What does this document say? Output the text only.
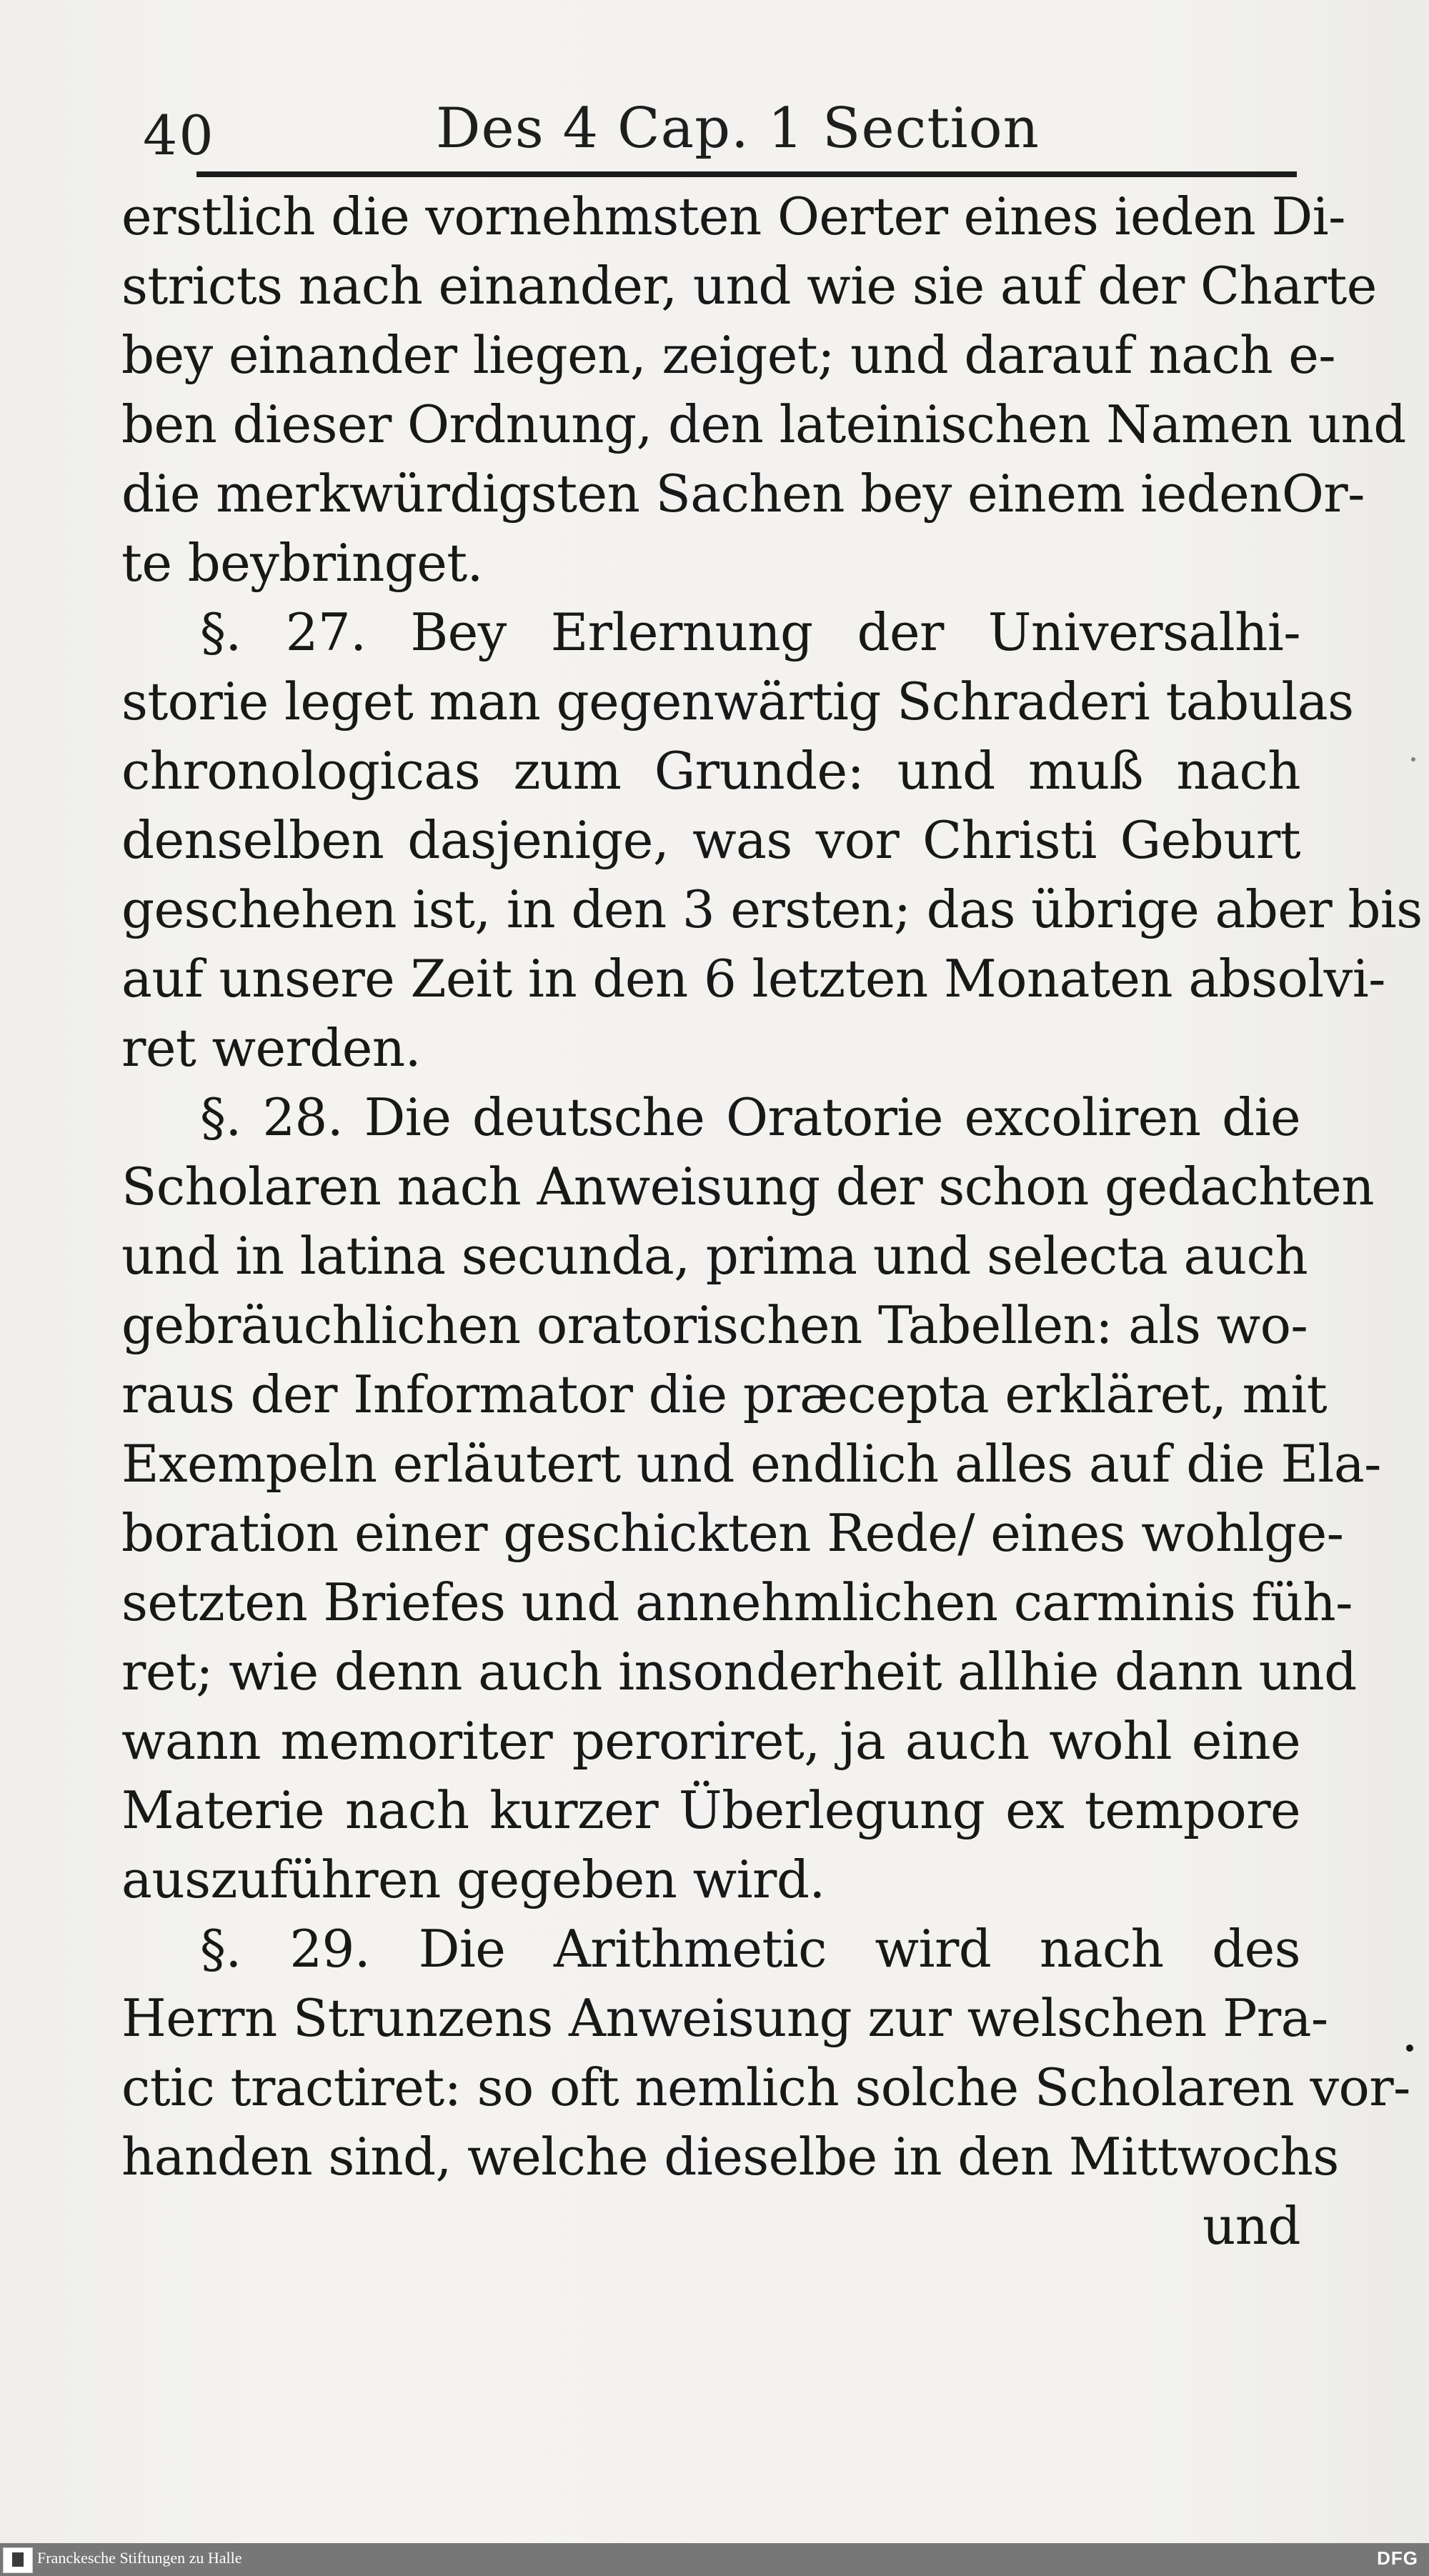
40	Des 4 Cap. 1 Section
erstlich die vornehmsten Oerter eines ieden Di-
stricts nach einander, und wie sie auf der Charte
bey einander liegen, zeiget; und darauf nach e-
ben dieser Ordnung, den lateinischen Namen und
die merkwürdigsten Sachen bey einem iedenOr-
te beybringet.
§. 27. Bey Erlernung der Universalhi-
storie leget man gegenwärtig Schraderi tabulas
chronologicas zum Grunde: und muß nach
denselben dasjenige, was vor Christi Geburt
geschehen ist, in den 3 ersten; das übrige aber bis
auf unsere Zeit in den 6 letzten Monaten absolvi-
ret werden.
§. 28. Die deutsche Oratorie excoliren die
Scholaren nach Anweisung der schon gedachten
und in latina secunda, prima und selecta auch
gebräuchlichen oratorischen Tabellen: als wo-
raus der Informator die præcepta erkläret, mit
Exempeln erläutert und endlich alles auf die Ela-
boration einer geschickten Rede/ eines wohlge-
setzten Briefes und annehmlichen carminis füh-
ret; wie denn auch insonderheit allhie dann und
wann memoriter peroriret, ja auch wohl eine
Materie nach kurzer Überlegung ex tempore
auszuführen gegeben wird.
§. 29. Die Arithmetic wird nach des
Herrn Strunzens Anweisung zur welschen Pra-
ctic tractiret: so oft nemlich solche Scholaren vor-
handen sind, welche dieselbe in den Mittwochs
und
Franckesche Stiftungen zu Halle	DFG
